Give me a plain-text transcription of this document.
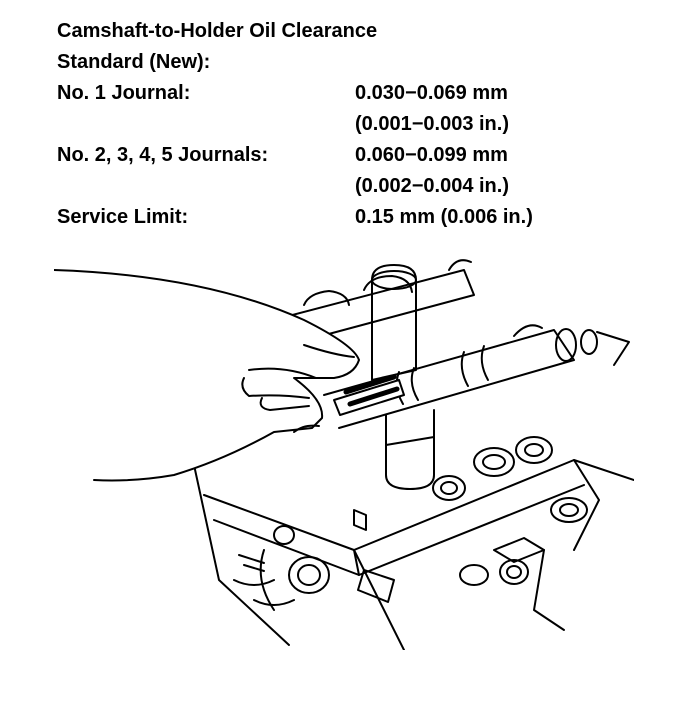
Camshaft-to-Holder Oil Clearance
Standard (New):
No. 1 Journal:	0.030−0.069 mm
(0.001−0.003 in.)
No. 2, 3, 4, 5 Journals:	0.060−0.099 mm
(0.002−0.004 in.)
Service Limit:	0.15 mm (0.006 in.)
